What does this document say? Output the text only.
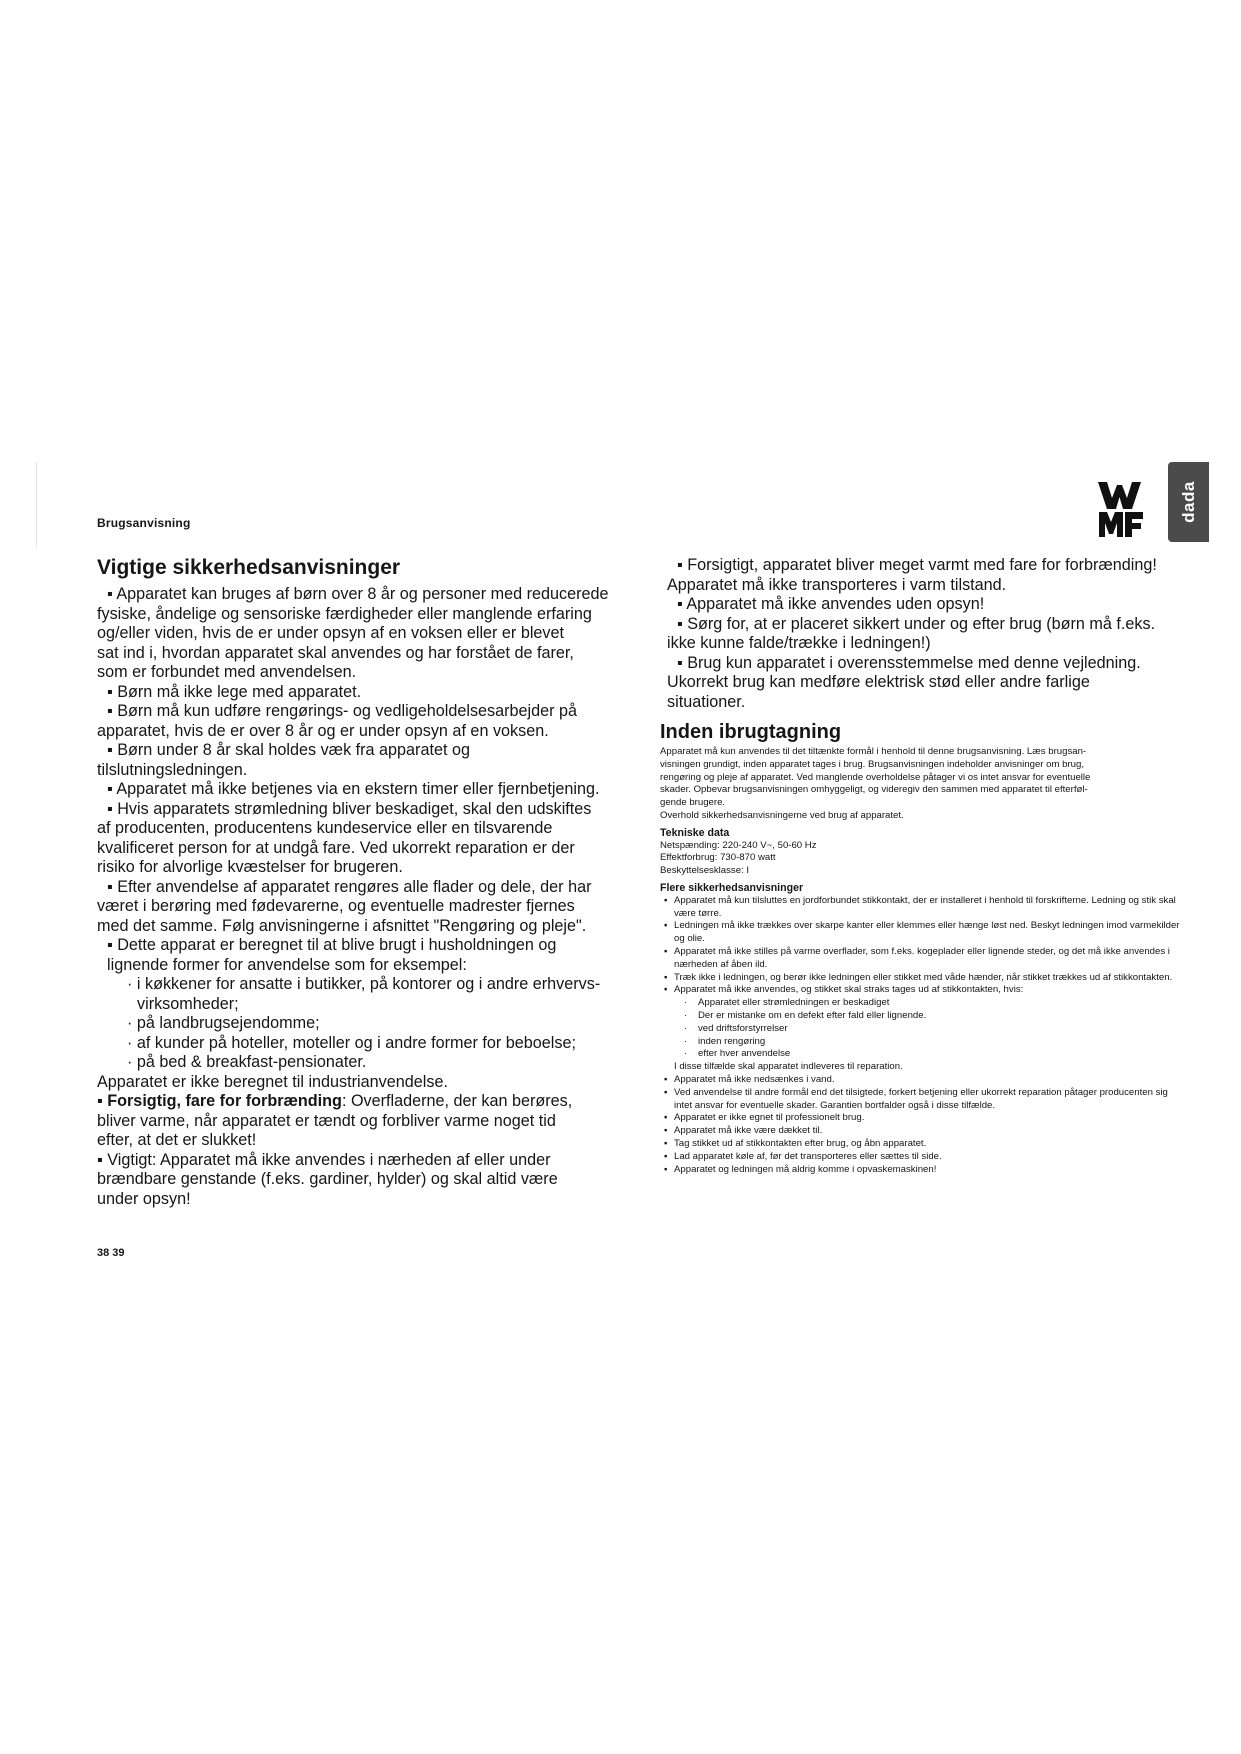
Brugsanvisning
dada
Vigtige sikkerhedsanvisninger

▪ Apparatet kan bruges af børn over 8 år og personer med reducerede

fysiske, åndelige og sensoriske færdigheder eller manglende erfaring

og/eller viden, hvis de er under opsyn af en voksen eller er blevet

sat ind i, hvordan apparatet skal anvendes og har forstået de farer,

som er forbundet med anvendelsen.

▪ Børn må ikke lege med apparatet.

▪ Børn må kun udføre rengørings- og vedligeholdelsesarbejder på

apparatet, hvis de er over 8 år og er under opsyn af en voksen.

▪ Børn under 8 år skal holdes væk fra apparatet og

tilslutningsledningen.

▪ Apparatet må ikke betjenes via en ekstern timer eller fjernbetjening.

▪ Hvis apparatets strømledning bliver beskadiget, skal den udskiftes

af producenten, producentens kundeservice eller en tilsvarende

kvalificeret person for at undgå fare. Ved ukorrekt reparation er der

risiko for alvorlige kvæstelser for brugeren.

▪ Efter anvendelse af apparatet rengøres alle flader og dele, der har

været i berøring med fødevarerne, og eventuelle madrester fjernes

med det samme. Følg anvisningerne i afsnittet "Rengøring og pleje".

▪ Dette apparat er beregnet til at blive brugt i husholdningen og

lignende former for anvendelse som for eksempel:

· i køkkener for ansatte i butikker, på kontorer og i andre erhvervs-

virksomheder;

· på landbrugsejendomme;

· af kunder på hoteller, moteller og i andre former for beboelse;

· på bed & breakfast-pensionater.

Apparatet er ikke beregnet til industrianvendelse.

▪ Forsigtig, fare for forbrænding: Overfladerne, der kan berøres,

bliver varme, når apparatet er tændt og forbliver varme noget tid

efter, at det er slukket!

▪ Vigtigt: Apparatet må ikke anvendes i nærheden af eller under

brændbare genstande (f.eks. gardiner, hylder) og skal altid være

under opsyn!

▪ Forsigtigt, apparatet bliver meget varmt med fare for forbrænding!

Apparatet må ikke transporteres i varm tilstand.

▪ Apparatet må ikke anvendes uden opsyn!

▪ Sørg for, at er placeret sikkert under og efter brug (børn må f.eks.

ikke kunne falde/trække i ledningen!)

▪ Brug kun apparatet i overensstemmelse med denne vejledning.

Ukorrekt brug kan medføre elektrisk stød eller andre farlige

situationer.

Inden ibrugtagning

Apparatet må kun anvendes til det tiltænkte formål i henhold til denne brugsanvisning. Læs brugsan-

visningen grundigt, inden apparatet tages i brug. Brugsanvisningen indeholder anvisninger om brug,

rengøring og pleje af apparatet. Ved manglende overholdelse påtager vi os intet ansvar for eventuelle

skader. Opbevar brugsanvisningen omhyggeligt, og videregiv den sammen med apparatet til efterføl-

gende brugere.

Overhold sikkerhedsanvisningerne ved brug af apparatet.

Tekniske data

Netspænding: 220-240 V~, 50-60 Hz

Effektforbrug: 730-870 watt

Beskyttelsesklasse: I

Flere sikkerhedsanvisninger

▪ Apparatet må kun tilsluttes en jordforbundet stikkontakt, der er installeret i henhold til forskrifterne. Ledning og stik skal være tørre.
▪ Ledningen må ikke trækkes over skarpe kanter eller klemmes eller hænge løst ned. Beskyt ledningen imod varmekilder og olie.
▪ Apparatet må ikke stilles på varme overflader, som f.eks. kogeplader eller lignende steder, og det må ikke anvendes i nærheden af åben ild.
▪ Træk ikke i ledningen, og berør ikke ledningen eller stikket med våde hænder, når stikket trækkes ud af stikkontakten.
▪ Apparatet må ikke anvendes, og stikket skal straks tages ud af stikkontakten, hvis:
· Apparatet eller strømledningen er beskadiget
· Der er mistanke om en defekt efter fald eller lignende.
· ved driftsforstyrrelser
· inden rengøring
· efter hver anvendelse

I disse tilfælde skal apparatet indleveres til reparation.

▪ Apparatet må ikke nedsænkes i vand.
▪ Ved anvendelse til andre formål end det tilsigtede, forkert betjening eller ukorrekt reparation påtager producenten sig intet ansvar for eventuelle skader. Garantien bortfalder også i disse tilfælde.
▪ Apparatet er ikke egnet til professionelt brug.
▪ Apparatet må ikke være dækket til.
▪ Tag stikket ud af stikkontakten efter brug, og åbn apparatet.
▪ Lad apparatet køle af, før det transporteres eller sættes til side.
▪ Apparatet og ledningen må aldrig komme i opvaskemaskinen!
38 39
